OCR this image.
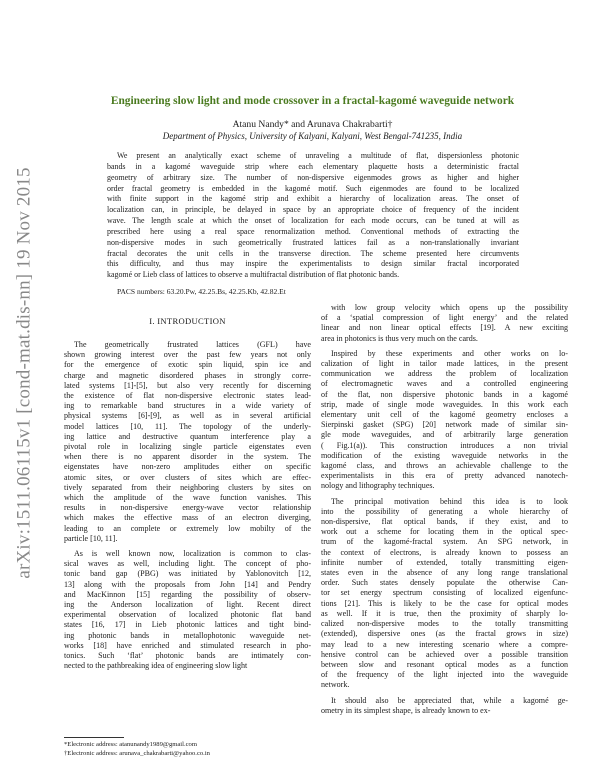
arXiv:1511.06115v1 [cond-mat.dis-nn] 19 Nov 2015
Engineering slow light and mode crossover in a fractal-kagomé waveguide network
Atanu Nandy* and Arunava Chakrabarti†
Department of Physics, University of Kalyani, Kalyani, West Bengal-741235, India
We present an analytically exact scheme of unraveling a multitude of flat, dispersionless photonic
bands in a kagomé waveguide strip where each elementary plaquette hosts a deterministic fractal
geometry of arbitrary size. The number of non-dispersive eigenmodes grows as higher and higher
order fractal geometry is embedded in the kagomé motif. Such eigenmodes are found to be localized
with finite support in the kagomé strip and exhibit a hierarchy of localization areas. The onset of
localization can, in principle, be delayed in space by an appropriate choice of frequency of the incident
wave. The length scale at which the onset of localization for each mode occurs, can be tuned at will as
prescribed here using a real space renormalization method. Conventional methods of extracting the
non-dispersive modes in such geometrically frustrated lattices fail as a non-translationally invariant
fractal decorates the unit cells in the transverse direction. The scheme presented here circumvents
this difficulty, and thus may inspire the experimentalists to design similar fractal incorporated
kagomé or Lieb class of lattices to observe a multifractal distribution of flat photonic bands.
PACS numbers: 63.20.Pw, 42.25.Bs, 42.25.Kb, 42.82.Et
I. INTRODUCTION
The geometrically frustrated lattices (GFL) have
shown growing interest over the past few years not only
for the emergence of exotic spin liquid, spin ice and
charge and magnetic disordered phases in strongly corre-
lated systems [1]-[5], but also very recently for discerning
the existence of flat non-dispersive electronic states lead-
ing to remarkable band structures in a wide variety of
physical systems [6]-[9], as well as in several artificial
model lattices [10, 11]. The topology of the underly-
ing lattice and destructive quantum interference play a
pivotal role in localizing single particle eigenstates even
when there is no apparent disorder in the system. The
eigenstates have non-zero amplitudes either on specific
atomic sites, or over clusters of sites which are effec-
tively separated from their neighboring clusters by sites on
which the amplitude of the wave function vanishes. This
results in non-dispersive energy-wave vector relationship
which makes the effective mass of an electron diverging,
leading to an complete or extremely low mobilty of the
particle [10, 11].
As is well known now, localization is common to clas-
sical waves as well, including light. The concept of pho-
tonic band gap (PBG) was initiated by Yablonovitch [12,
13] along with the proposals from John [14] and Pendry
and MacKinnon [15] regarding the possibility of observ-
ing the Anderson localization of light. Recent direct
experimental observation of localized photonic flat band
states [16, 17] in Lieb photonic lattices and tight bind-
ing photonic bands in metallophotonic waveguide net-
works [18] have enriched and stimulated research in pho-
tonics. Such ‘flat’ photonic bands are intimately con-
nected to the pathbreaking idea of engineering slow light
with low group velocity which opens up the possibility
of a ‘spatial compression of light energy’ and the related
linear and non linear optical effects [19]. A new exciting
area in photonics is thus very much on the cards.
Inspired by these experiments and other works on lo-
calization of light in tailor made lattices, in the present
communication we address the problem of localization
of electromagnetic waves and a controlled engineering
of the flat, non dispersive photonic bands in a kagomé
strip, made of single mode waveguides. In this work each
elementary unit cell of the kagomé geometry encloses a
Sierpinski gasket (SPG) [20] network made of similar sin-
gle mode waveguides, and of arbitrarily large generation
( Fig.1(a)). This construction introduces a non trivial
modification of the existing waveguide networks in the
kagomé class, and throws an achievable challenge to the
experimentalists in this era of pretty advanced nanotech-
nology and lithography techniques.
The principal motivation behind this idea is to look
into the possibility of generating a whole hierarchy of
non-dispersive, flat optical bands, if they exist, and to
work out a scheme for locating them in the optical spec-
trum of the kagomé-fractal system. An SPG network, in
the context of electrons, is already known to possess an
infinite number of extended, totally transmitting eigen-
states even in the absence of any long range translational
order. Such states densely populate the otherwise Can-
tor set energy spectrum consisting of localized eigenfunc-
tions [21]. This is likely to be the case for optical modes
as well. If it is true, then the proximity of sharply lo-
calized non-dispersive modes to the totally transmitting
(extended), dispersive ones (as the fractal grows in size)
may lead to a new interesting scenario where a compre-
hensive control can be achieved over a possible transition
between slow and resonant optical modes as a function
of the frequency of the light injected into the waveguide
network.
It should also be appreciated that, while a kagomé ge-
ometry in its simplest shape, is already known to ex-
*Electronic address: atanunandy1989@gmail.com
†Electronic address: arunava_chakrabarti@yahoo.co.in
